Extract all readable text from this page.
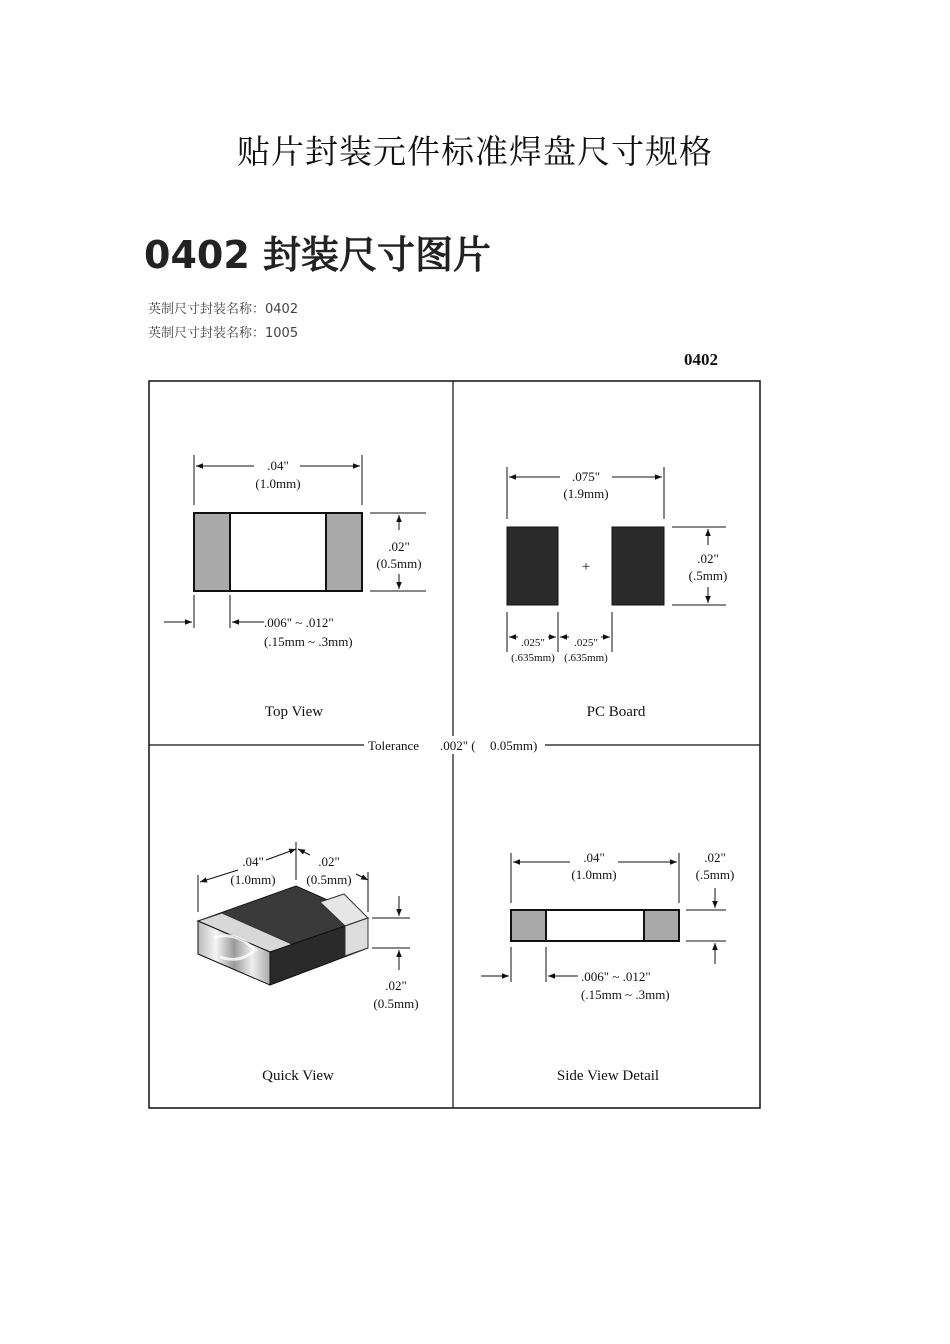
贴片封装元件标准焊盘尺寸规格
0402 封装尺寸图片
英制尺寸封装名称：0402
英制尺寸封装名称：1005
0402
Tolerance .002" ( 0.05mm)
.04"
(1.0mm)
.02"
(0.5mm)
.006" ~ .012"
(.15mm ~ .3mm)
Top View
+
.075"
(1.9mm)
.02"
(.5mm)
.025"
(.635mm)
.025"
(.635mm)
PC Board
.04"
(1.0mm)
.02"
(0.5mm)
.02"
(0.5mm)
Quick View
.04"
(1.0mm)
.02"
(.5mm)
.006" ~ .012"
(.15mm ~ .3mm)
Side View Detail
